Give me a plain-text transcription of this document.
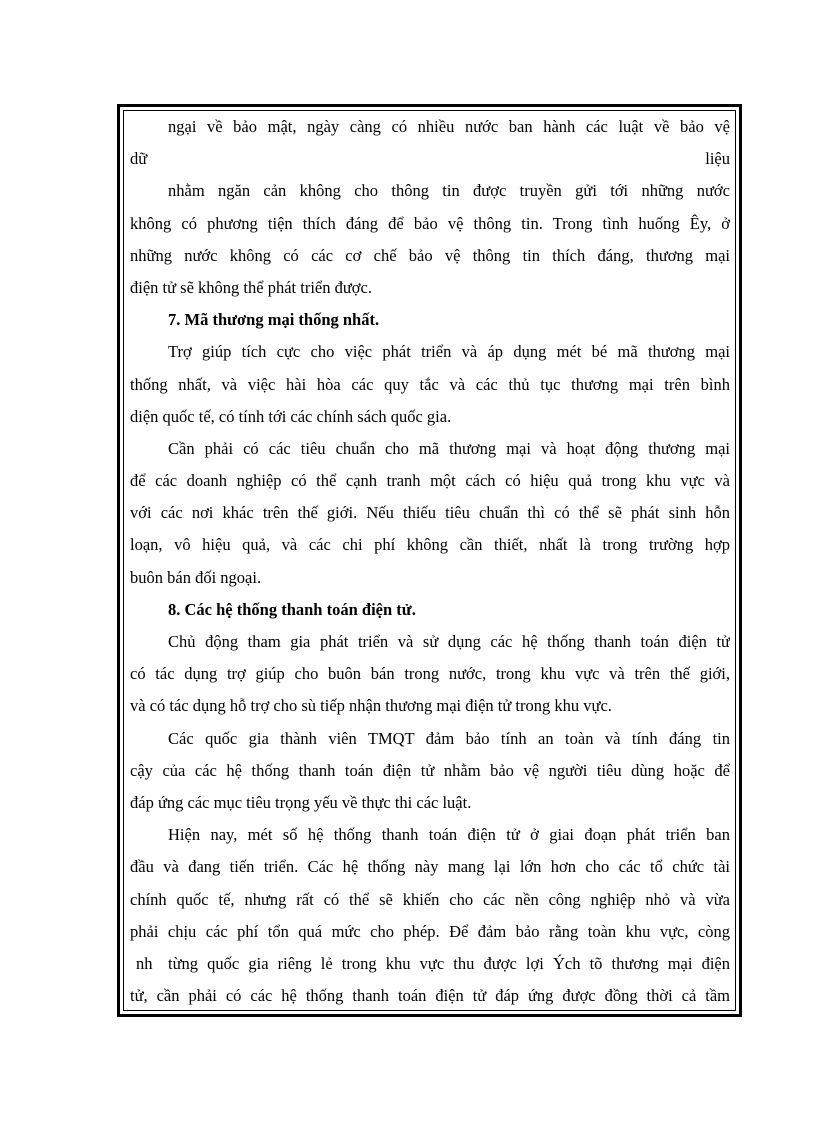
ngại về bảo mật, ngày càng có nhiều nước ban hành các luật về bảo vệ
dữ	liệu
nhằm ngăn cản không cho thông tin được truyền gửi tới những nước
không có phương tiện thích đáng để bảo vệ thông tin. Trong tình huống Êy, ở
những nước không có các cơ chế bảo vệ thông tin thích đáng, thương mại
điện tử sẽ không thể phát triển được.
7. Mã thương mại thống nhất.
Trợ giúp tích cực cho việc phát triển và áp dụng mét bé mã thương mại
thống nhất, và việc hài hòa các quy tắc và các thủ tục thương mại trên bình
diện quốc tế, có tính tới các chính sách quốc gia.
Cần phải có các tiêu chuẩn cho mã thương mại và hoạt động thương mại
để các doanh nghiệp có thể cạnh tranh một cách có hiệu quả trong khu vực và
với các nơi khác trên thế giới. Nếu thiếu tiêu chuẩn thì có thể sẽ phát sinh hỗn
loạn, vô hiệu quả, và các chi phí không cần thiết, nhất là trong trường hợp
buôn bán đối ngoại.
8. Các hệ thống thanh toán điện tử.
Chủ động tham gia phát triển và sử dụng các hệ thống thanh toán điện tử
có tác dụng trợ giúp cho buôn bán trong nước, trong khu vực và trên thế giới,
và có tác dụng hỗ trợ cho sù tiếp nhận thương mại điện tử trong khu vực.
Các quốc gia thành viên TMQT đảm bảo tính an toàn và tính đáng tin
cậy của các hệ thống thanh toán điện tử nhằm bảo vệ người tiêu dùng hoặc để
đáp ứng các mục tiêu trọng yếu về thực thi các luật.
Hiện nay, mét số hệ thống thanh toán điện tử ở giai đoạn phát triển ban
đầu và đang tiến triển. Các hệ thống này mang lại lớn hơn cho các tổ chức tài
chính quốc tế, nhưng rất có thể sẽ khiến cho các nền công nghiệp nhỏ và vừa
phải chịu các phí tổn quá mức cho phép. Để đảm bảo rằng toàn khu vực, còng
nh từng quốc gia riêng lẻ trong khu vực thu được lợi Ých tõ thương mại điện
tử, cần phải có các hệ thống thanh toán điện tử đáp ứng được đồng thời cả tầm
